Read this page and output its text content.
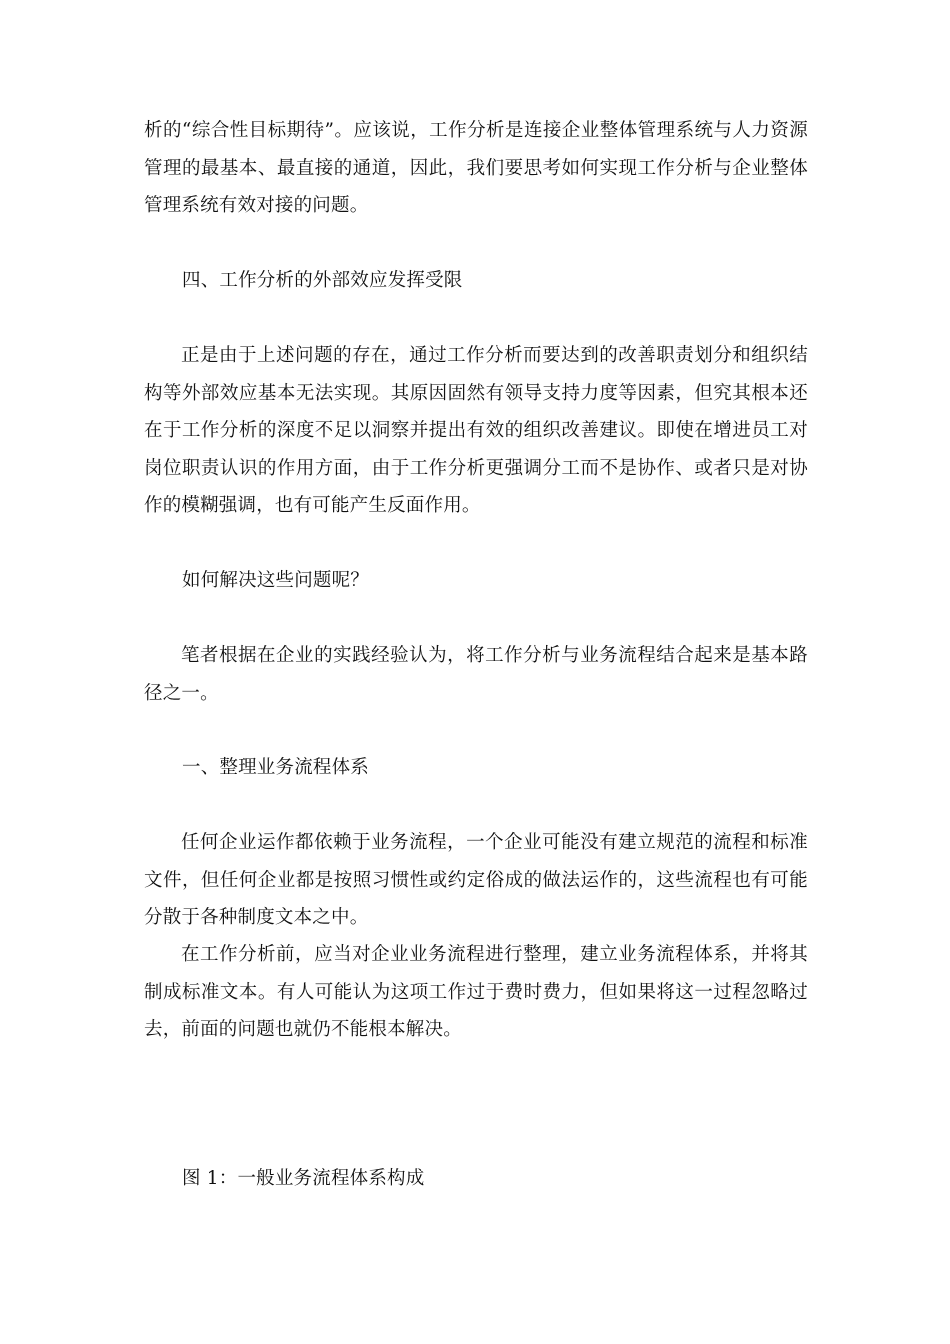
析的“综合性目标期待”。应该说，工作分析是连接企业整体管理系统与人力资源管理的最基本、最直接的通道，因此，我们要思考如何实现工作分析与企业整体管理系统有效对接的问题。

四、工作分析的外部效应发挥受限

正是由于上述问题的存在，通过工作分析而要达到的改善职责划分和组织结构等外部效应基本无法实现。其原因固然有领导支持力度等因素，但究其根本还在于工作分析的深度不足以洞察并提出有效的组织改善建议。即使在增进员工对岗位职责认识的作用方面，由于工作分析更强调分工而不是协作、或者只是对协作的模糊强调，也有可能产生反面作用。

如何解决这些问题呢？

笔者根据在企业的实践经验认为，将工作分析与业务流程结合起来是基本路径之一。

一、整理业务流程体系

任何企业运作都依赖于业务流程，一个企业可能没有建立规范的流程和标准文件，但任何企业都是按照习惯性或约定俗成的做法运作的，这些流程也有可能分散于各种制度文本之中。

在工作分析前，应当对企业业务流程进行整理，建立业务流程体系，并将其制成标准文本。有人可能认为这项工作过于费时费力，但如果将这一过程忽略过去，前面的问题也就仍不能根本解决。

图 1：一般业务流程体系构成
